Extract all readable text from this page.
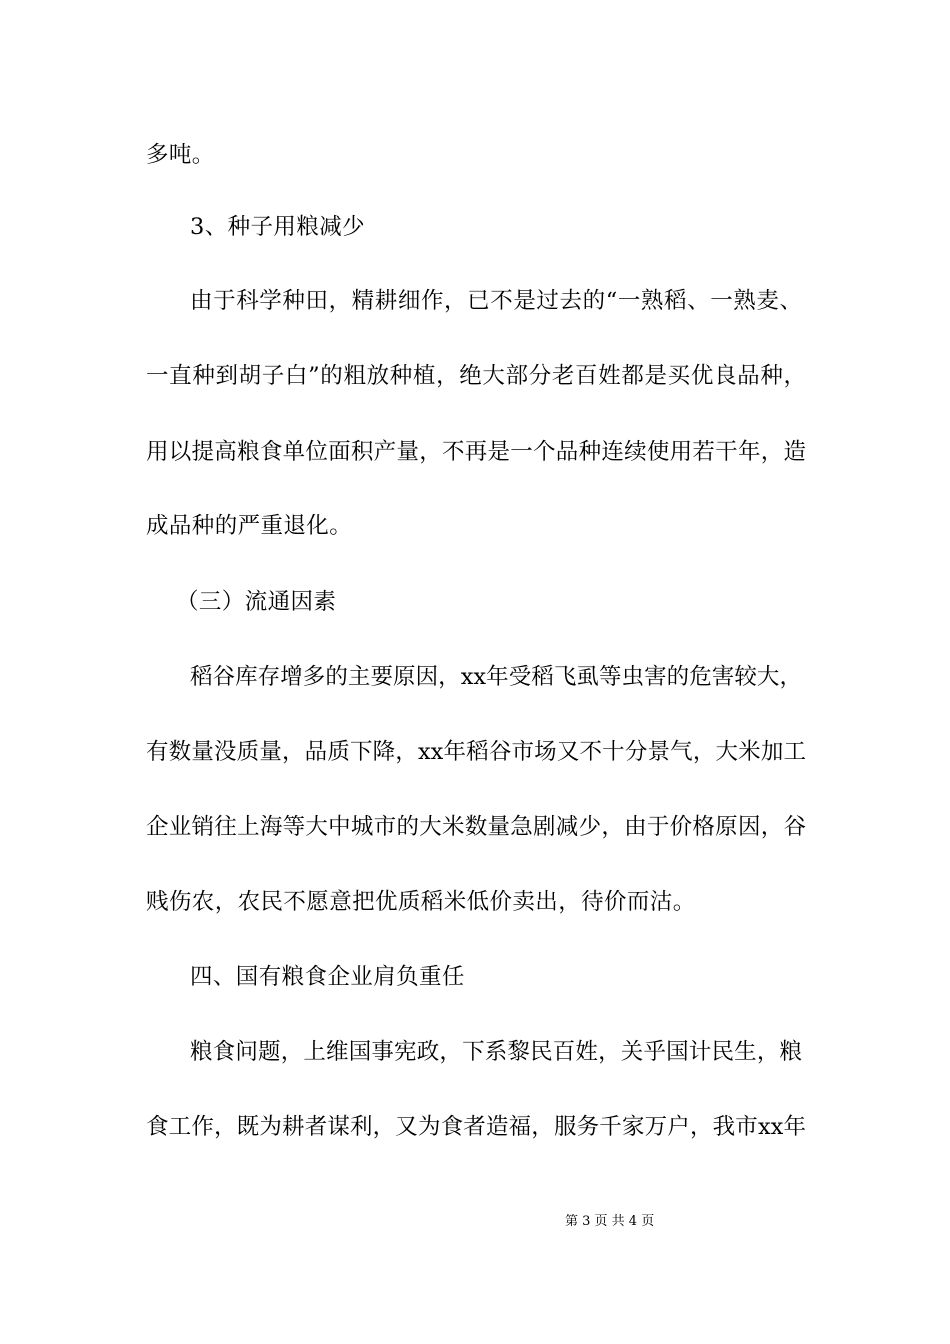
多吨。
3、种子用粮减少
由于科学种田，精耕细作，已不是过去的“一熟稻、一熟麦、
一直种到胡子白”的粗放种植，绝大部分老百姓都是买优良品种，
用以提高粮食单位面积产量，不再是一个品种连续使用若干年，造
成品种的严重退化。
（三）流通因素
稻谷库存增多的主要原因，xx年受稻飞虱等虫害的危害较大，
有数量没质量，品质下降，xx年稻谷市场又不十分景气，大米加工
企业销往上海等大中城市的大米数量急剧减少，由于价格原因，谷
贱伤农，农民不愿意把优质稻米低价卖出，待价而沽。
四、国有粮食企业肩负重任
粮食问题，上维国事宪政，下系黎民百姓，关乎国计民生，粮
食工作，既为耕者谋利，又为食者造福，服务千家万户，我市xx年
第 3 页 共 4 页
